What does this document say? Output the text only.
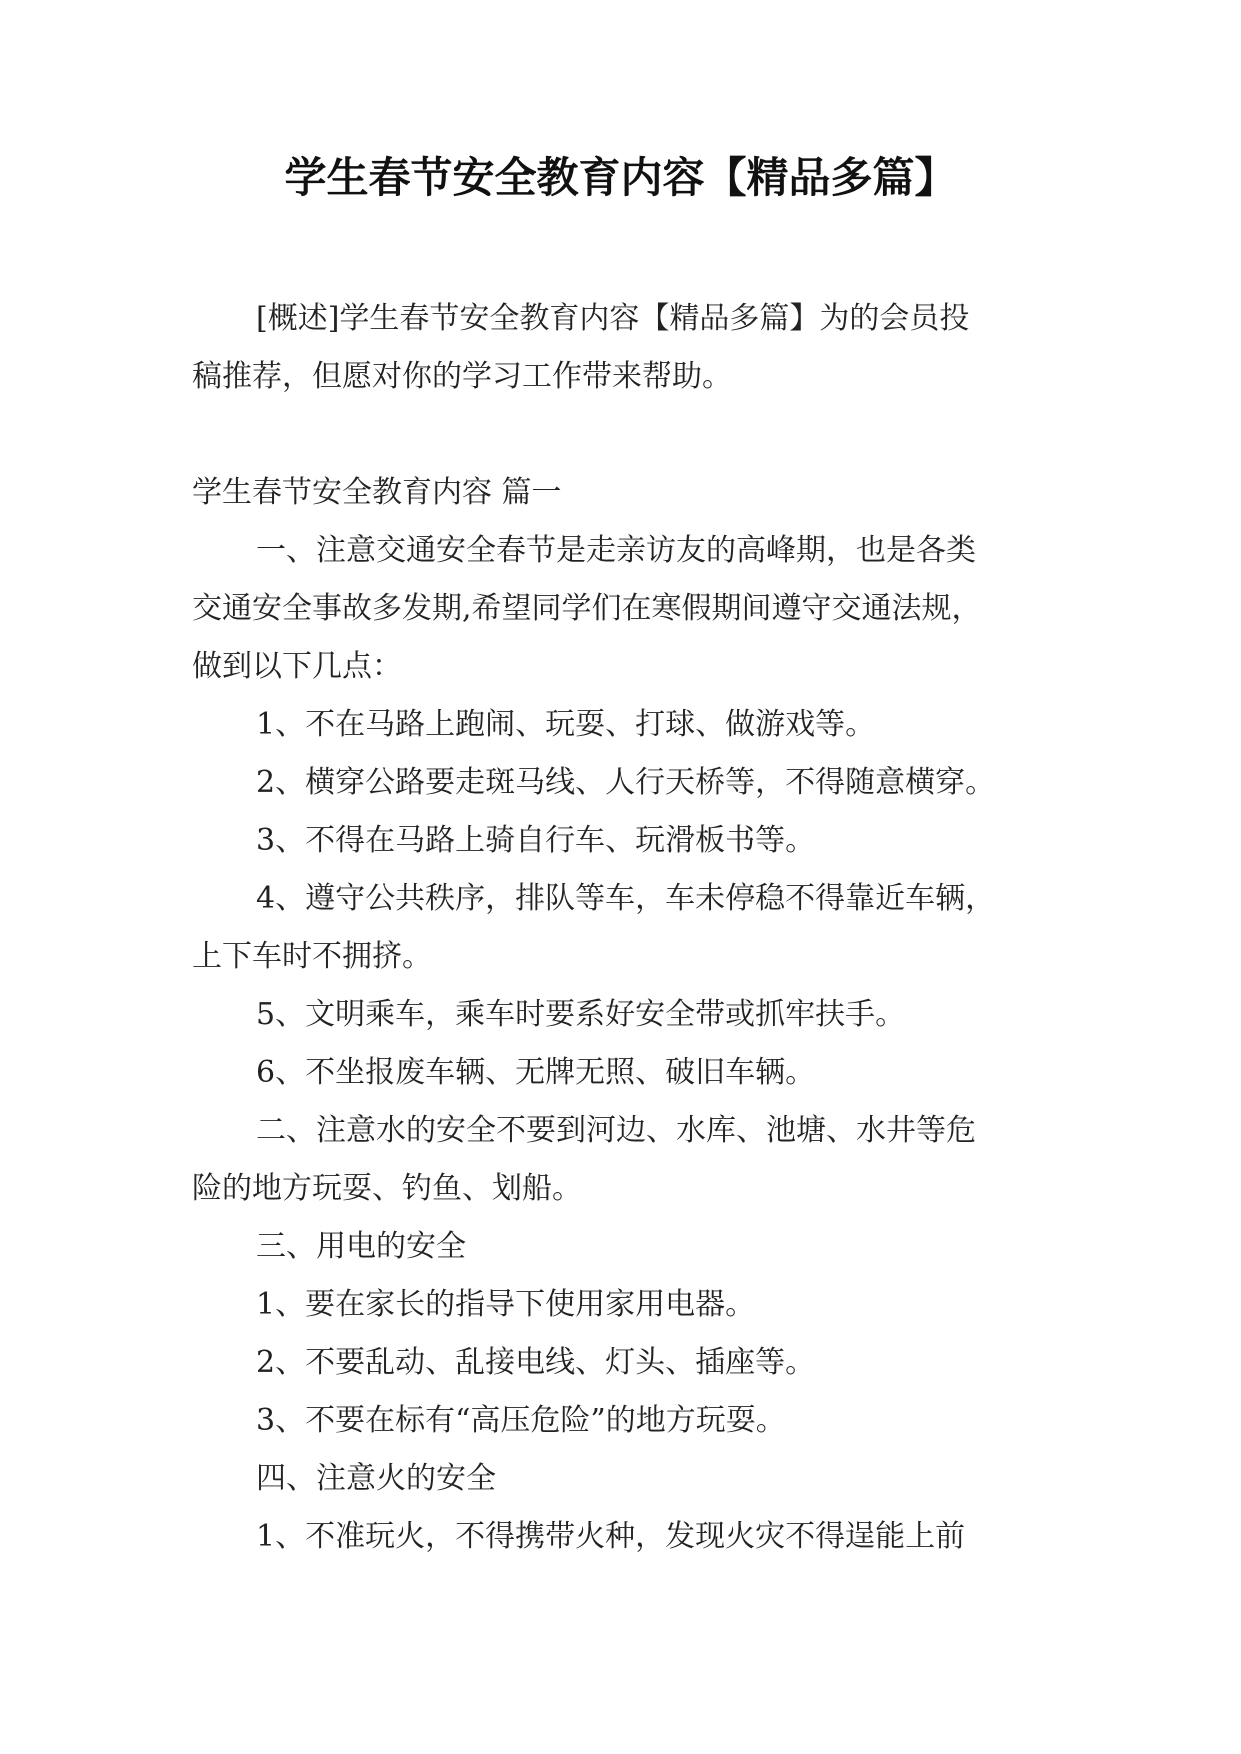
学生春节安全教育内容【精品多篇】

[概述]学生春节安全教育内容【精品多篇】为的会员投

稿推荐，但愿对你的学习工作带来帮助。

学生春节安全教育内容 篇一

一、注意交通安全春节是走亲访友的高峰期，也是各类

交通安全事故多发期,希望同学们在寒假期间遵守交通法规，

做到以下几点：

1、不在马路上跑闹、玩耍、打球、做游戏等。

2、横穿公路要走斑马线、人行天桥等，不得随意横穿。

3、不得在马路上骑自行车、玩滑板书等。

4、遵守公共秩序，排队等车，车未停稳不得靠近车辆，

上下车时不拥挤。

5、文明乘车，乘车时要系好安全带或抓牢扶手。

6、不坐报废车辆、无牌无照、破旧车辆。

二、注意水的安全不要到河边、水库、池塘、水井等危

险的地方玩耍、钓鱼、划船。

三、用电的安全

1、要在家长的指导下使用家用电器。

2、不要乱动、乱接电线、灯头、插座等。

3、不要在标有“高压危险”的地方玩耍。

四、注意火的安全

1、不准玩火，不得携带火种，发现火灾不得逞能上前
